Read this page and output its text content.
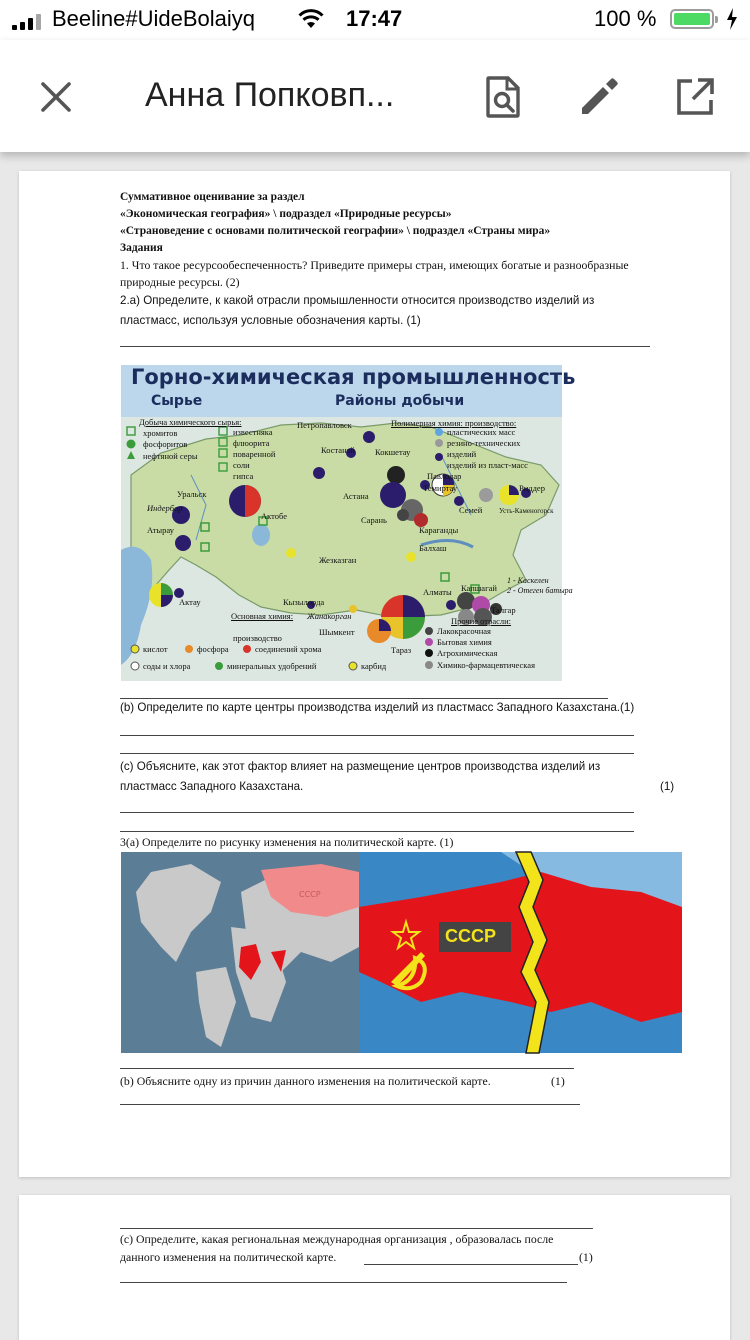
Beeline#UideBolaiyq	17:47	100 %
Анна Попковп...
Суммативное оценивание за раздел
«Экономическая география» \ подраздел «Природные ресурсы»
«Страноведение с основами политической географии» \ подраздел «Страны мира»
Задания
1. Что такое ресурсообеспеченность? Приведите примеры стран, имеющих богатые и разнообразные природные ресурсы. (2)
2.а) Определите, к какой отрасли промышленности относится производство изделий из пластмасс, используя условные обозначения карты. (1)
Горно-химическая промышленность
Сырье	Районы добычи
Добыча химического сырья:
хромитов
фосфоритов
нефтяной серы
известняка
флюорита
поваренной соли
гипса
Полимерная химия: производство:
пластических масс
резино-технических изделий
изделий из пласт-масс
Петропавловск
Костанай Кокшетау
Павлодар
Темиртау
Семей
Риддер
Уральск
Актобе
Индербор
Атырау
Астана
Сарань
Караганды
Балхаш
Жезказган
Усть-Каменогорск
Актау	Кызылорда
Жанакорган
Алматы Капшагай
Талгар
Шымкент
Тараз
1 - Каскелен
2 - Отеген батыра
Основная химия:
производство
кислот	фосфора	соединений хрома
соды и хлора	минеральных удобрений	карбид
Прочие отрасли:
Лакокрасочная
Бытовая химия
Агрохимическая
Химико-фармацевтическая
(b) Определите по карте центры производства изделий из пластмасс Западного Казахстана.(1)
(с) Объясните, как этот фактор влияет на размещение центров производства изделий из пластмасс Западного Казахстана.	(1)
3(а) Определите по рисунку изменения на политической карте. (1)
СССР
СССР
(b) Объясните одну из причин данного изменения на политической карте.	(1)
(с) Определите, какая региональная международная организация , образовалась после
данного изменения на политической карте.	(1)
